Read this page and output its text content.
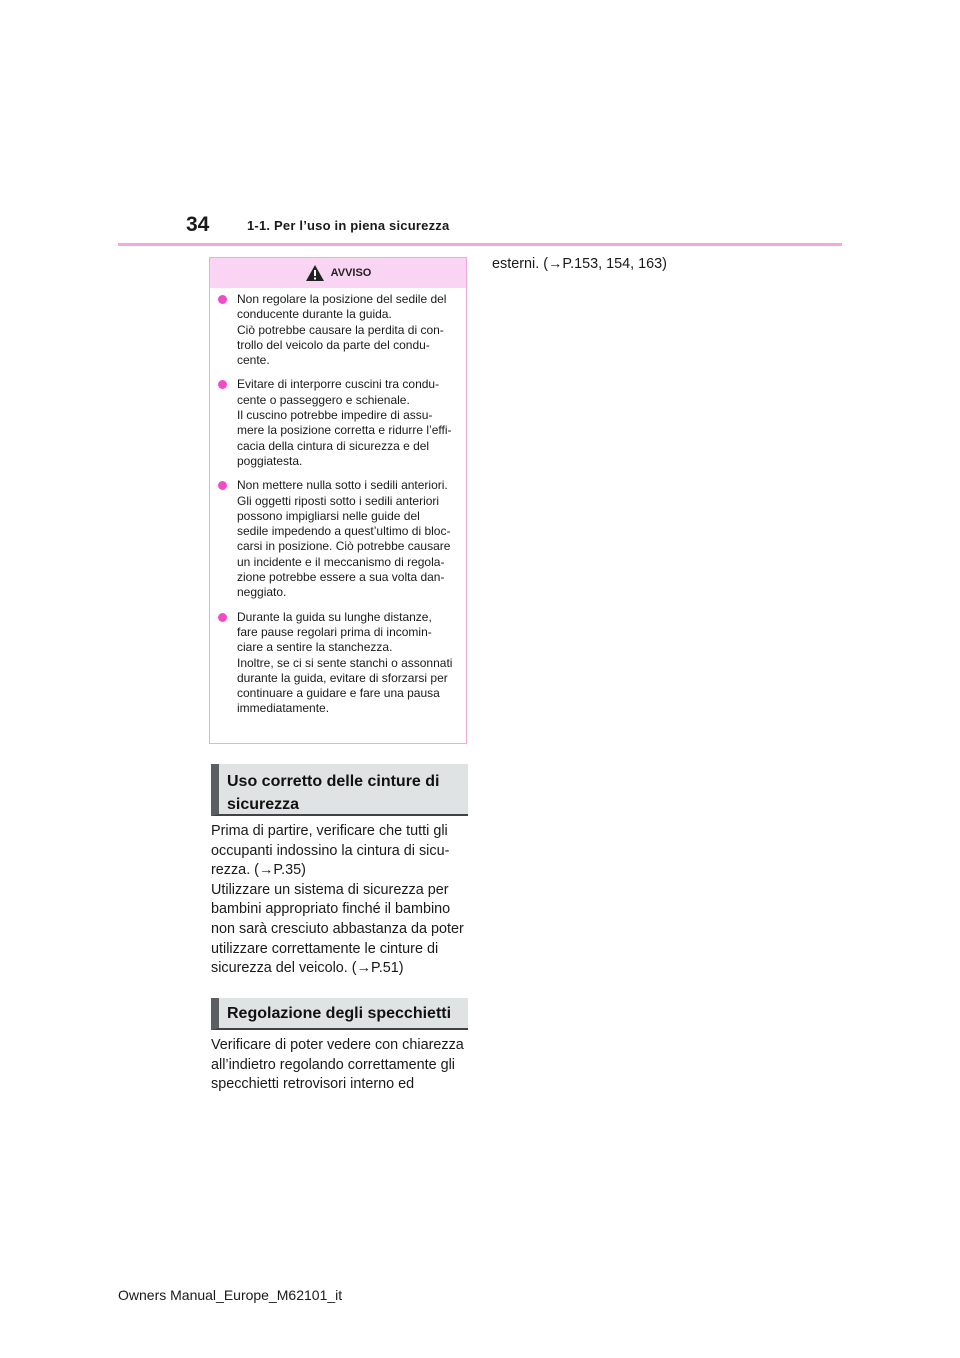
34	1-1. Per l’uso in piena sicurezza
AVVISO
Non regolare la posizione del sedile del
conducente durante la guida.
Ciò potrebbe causare la perdita di con-
trollo del veicolo da parte del condu-
cente.
Evitare di interporre cuscini tra condu-
cente o passeggero e schienale.
Il cuscino potrebbe impedire di assu-
mere la posizione corretta e ridurre l’effi-
cacia della cintura di sicurezza e del
poggiatesta.
Non mettere nulla sotto i sedili anteriori.
Gli oggetti riposti sotto i sedili anteriori
possono impigliarsi nelle guide del
sedile impedendo a quest’ultimo di bloc-
carsi in posizione. Ciò potrebbe causare
un incidente e il meccanismo di regola-
zione potrebbe essere a sua volta dan-
neggiato.
Durante la guida su lunghe distanze,
fare pause regolari prima di incomin-
ciare a sentire la stanchezza.
Inoltre, se ci si sente stanchi o assonnati
durante la guida, evitare di sforzarsi per
continuare a guidare e fare una pausa
immediatamente.
Uso corretto delle cinture di
sicurezza
Prima di partire, verificare che tutti gli
occupanti indossino la cintura di sicu-
rezza. (→P.35)
Utilizzare un sistema di sicurezza per
bambini appropriato finché il bambino
non sarà cresciuto abbastanza da poter
utilizzare correttamente le cinture di
sicurezza del veicolo. (→P.51)
Regolazione degli specchietti
Verificare di poter vedere con chiarezza
all’indietro regolando correttamente gli
specchietti retrovisori interno ed
esterni. (→P.153, 154, 163)
Owners Manual_Europe_M62101_it
